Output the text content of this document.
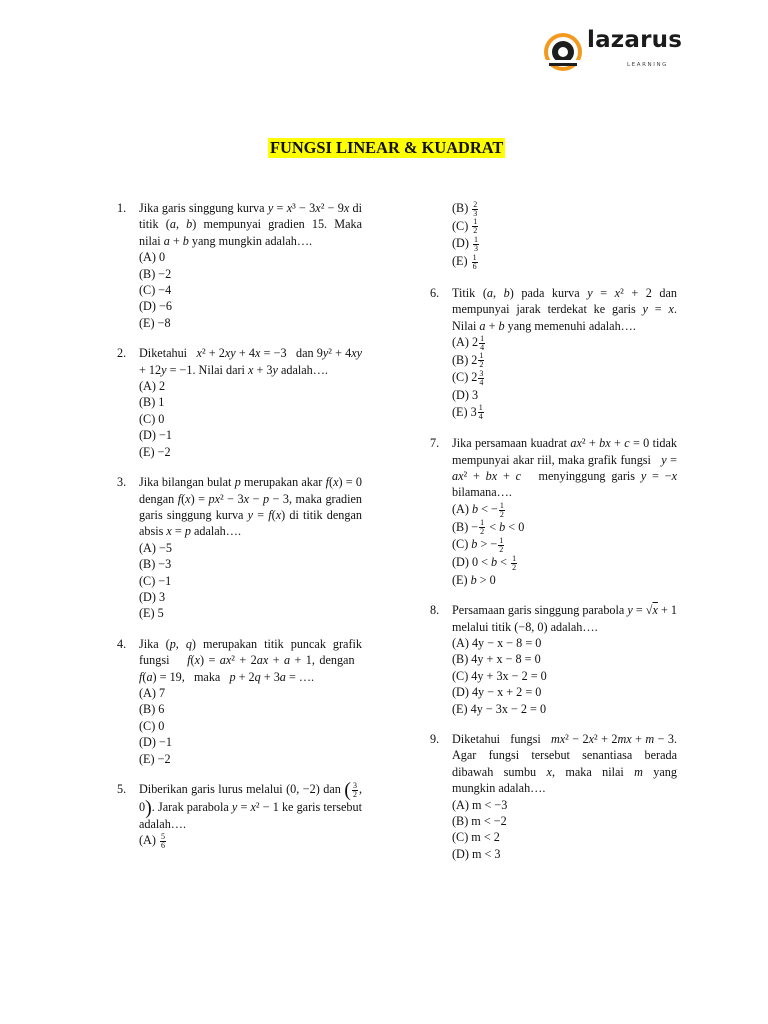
lazarus
LEARNING
FUNGSI LINEAR & KUADRAT
1. Jika garis singgung kurva y = x³ − 3x² − 9x di titik (a, b) mempunyai gradien 15. Maka nilai a + b yang mungkin adalah….
(A) 0
(B) −2
(C) −4
(D) −6
(E) −8
2. Diketahui   x² + 2xy + 4x = −3   dan 9y² + 4xy + 12y = −1. Nilai dari x + 3y adalah….
(A) 2
(B) 1
(C) 0
(D) −1
(E) −2
3. Jika bilangan bulat p merupakan akar f(x) = 0 dengan f(x) = px² − 3x − p − 3, maka gradien garis singgung kurva y = f(x) di titik dengan absis x = p adalah….
(A) −5
(B) −3
(C) −1
(D) 3
(E) 5
4. Jika (p, q) merupakan titik puncak grafik fungsi    f(x) = ax² + 2ax + a + 1, dengan   f(a) = 19,   maka   p + 2q + 3a = ….
(A) 7
(B) 6
(C) 0
(D) −1
(E) −2
5. Diberikan garis lurus melalui (0, −2) dan ( $\frac{3}{2}$ , 0). Jarak parabola y = x² − 1 ke garis tersebut adalah….
$(A) \frac{5}{6}$
$(B) \frac{2}{3}$
$(C) \frac{1}{2}$
$(D) \frac{1}{3}$
$(E) \frac{1}{6}$
6. Titik (a, b) pada kurva y = x² + 2 dan mempunyai jarak terdekat ke garis y = x. Nilai a + b yang memenuhi adalah….
(A) $2 \frac{1}{4}$
(B) $2 \frac{1}{2}$
(C) $2 \frac{3}{4}$
(D) 3
(E) $3 \frac{1}{4}$
7. Jika persamaan kuadrat ax² + bx + c = 0 tidak mempunyai akar riil, maka grafik fungsi   y = ax² + bx + c   menyinggung garis y = −x bilamana….
(A) b < − $\frac{1}{2}$
$(B) - \frac{1}{2} < b < 0$
(C) b > − $\frac{1}{2}$
(D) $0 < b < \frac{1}{2}$
(E) b > 0
8. Persamaan garis singgung parabola y = √x + 1 melalui titik (−8, 0) adalah….
(A) 4y − x − 8 = 0
(B) 4y + x − 8 = 0
(C) 4y + 3x − 2 = 0
(D) 4y − x + 2 = 0
(E) 4y − 3x − 2 = 0
9. Diketahui   fungsi   mx² − 2x² + 2mx + m − 3. Agar fungsi tersebut senantiasa berada dibawah sumbu x, maka nilai m yang mungkin adalah….
(A) m < −3
(B) m < −2
(C) m < 2
(D) m < 3
